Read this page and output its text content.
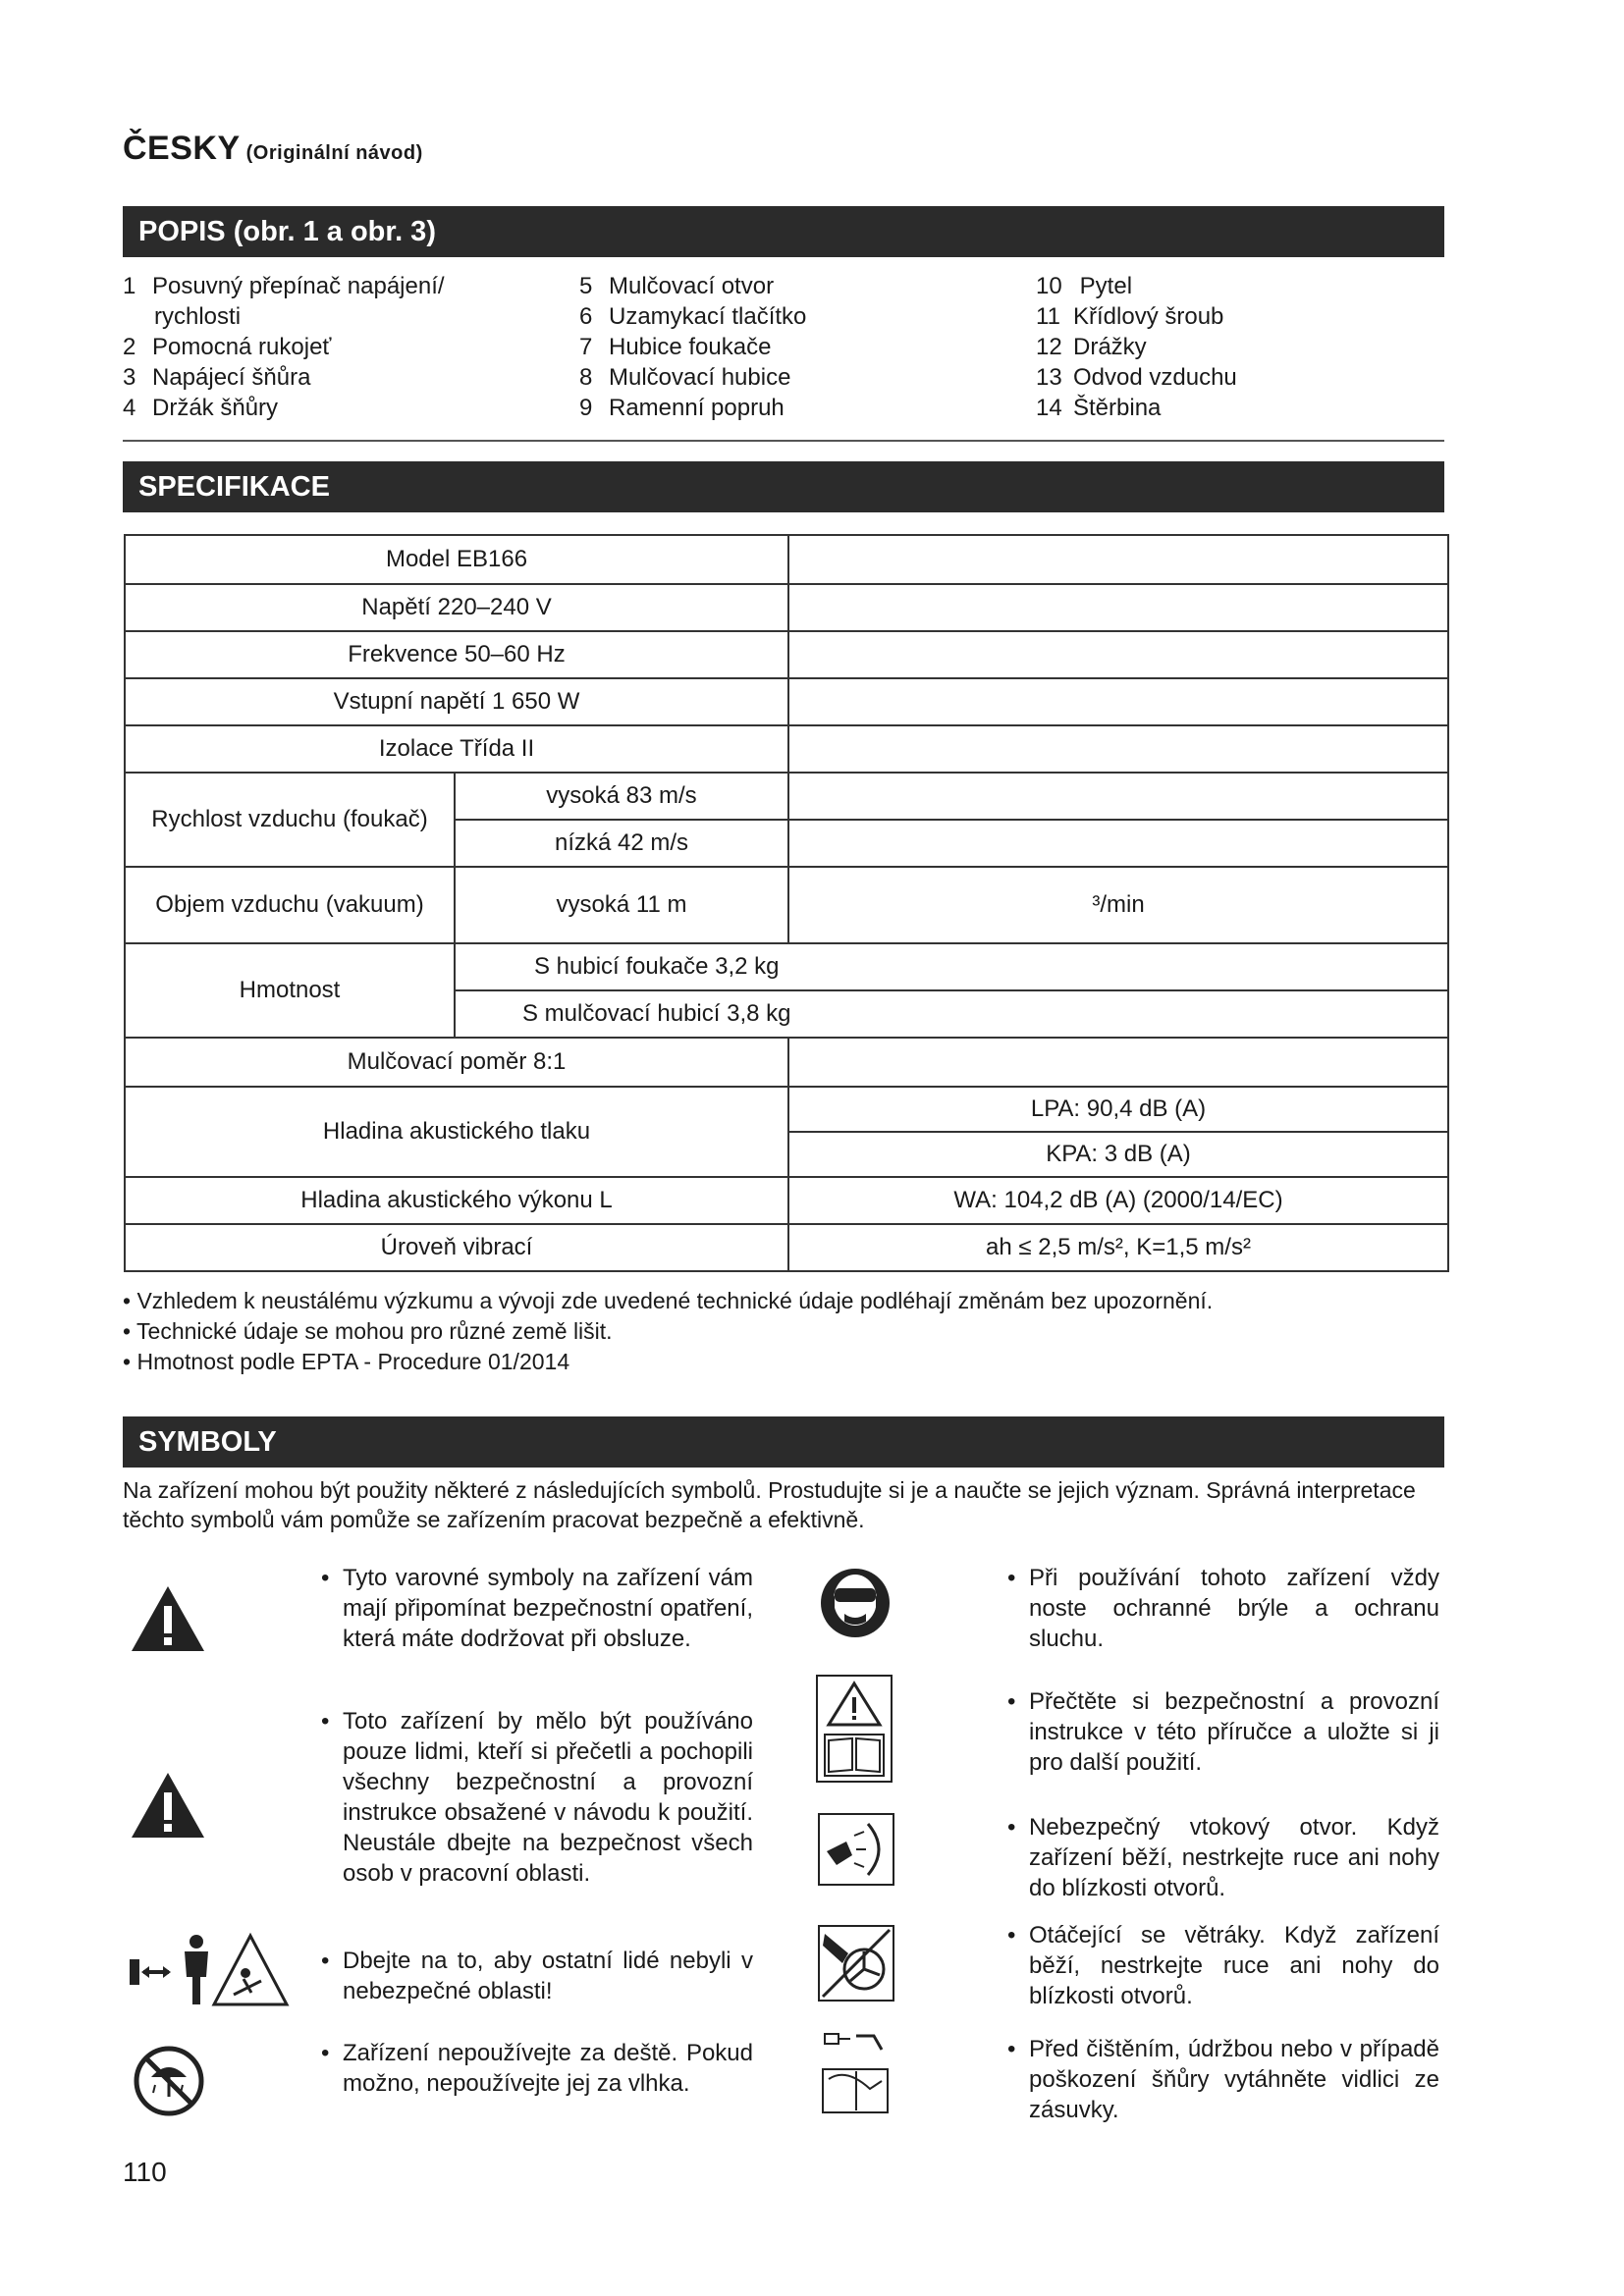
ČESKY (Originální návod)
POPIS (obr. 1 a obr. 3)
1 Posuvný přepínač napájení/
rychlosti
2 Pomocná rukojeť
3 Napájecí šňůra
4 Držák šňůry
5 Mulčovací otvor
6 Uzamykací tlačítko
7 Hubice foukače
8 Mulčovací hubice
9 Ramenní popruh
10 Pytel
11 Křídlový šroub
12 Drážky
13 Odvod vzduchu
14 Štěrbina
SPECIFIKACE
Model EB166		
Napětí 220–240 V		
Frekvence 50–60 Hz		
Vstupní napětí 1 650 W		
Izolace Třída II		
Rychlost vzduchu (foukač)	vysoká 83 m/s	
	nízká 42 m/s	
Objem vzduchu (vakuum)	vysoká 11 m	³/min
Hmotnost	S hubicí foukače 3,2 kg	
	S mulčovací hubicí 3,8 kg	
Mulčovací poměr 8:1		
Hladina akustického tlaku		LPA: 90,4 dB (A)
		KPA: 3 dB (A)
Hladina akustického výkonu L		WA: 104,2 dB (A) (2000/14/EC)
Úroveň vibrací		ah ≤ 2,5 m/s², K=1,5 m/s²
• Vzhledem k neustálému výzkumu a vývoji zde uvedené technické údaje podléhají změnám bez upozornění.
• Technické údaje se mohou pro různé země lišit.
• Hmotnost podle EPTA - Procedure 01/2014
SYMBOLY
Na zařízení mohou být použity některé z následujících symbolů. Prostudujte si je a naučte se jejich význam. Správná interpretace těchto symbolů vám pomůže se zařízením pracovat bezpečně a efektivně.
• Tyto varovné symboly na zařízení vám mají připomínat bezpečnostní opatření, která máte dodržovat při obsluze.
• Toto zařízení by mělo být používáno pouze lidmi, kteří si přečetli a pochopili všechny bezpečnostní a provozní instrukce obsažené v návodu k použití. Neustále dbejte na bezpečnost všech osob v pracovní oblasti.
• Dbejte na to, aby ostatní lidé nebyli v nebezpečné oblasti!
• Zařízení nepoužívejte za deště. Pokud možno, nepoužívejte jej za vlhka.
• Při používání tohoto zařízení vždy noste ochranné brýle a ochranu sluchu.
• Přečtěte si bezpečnostní a provozní instrukce v této příručce a uložte si ji pro další použití.
• Nebezpečný vtokový otvor. Když zařízení běží, nestrkejte ruce ani nohy do blízkosti otvorů.
• Otáčející se větráky. Když zařízení běží, nestrkejte ruce ani nohy do blízkosti otvorů.
• Před čištěním, údržbou nebo v případě poškození šňůry vytáhněte vidlici ze zásuvky.
110
